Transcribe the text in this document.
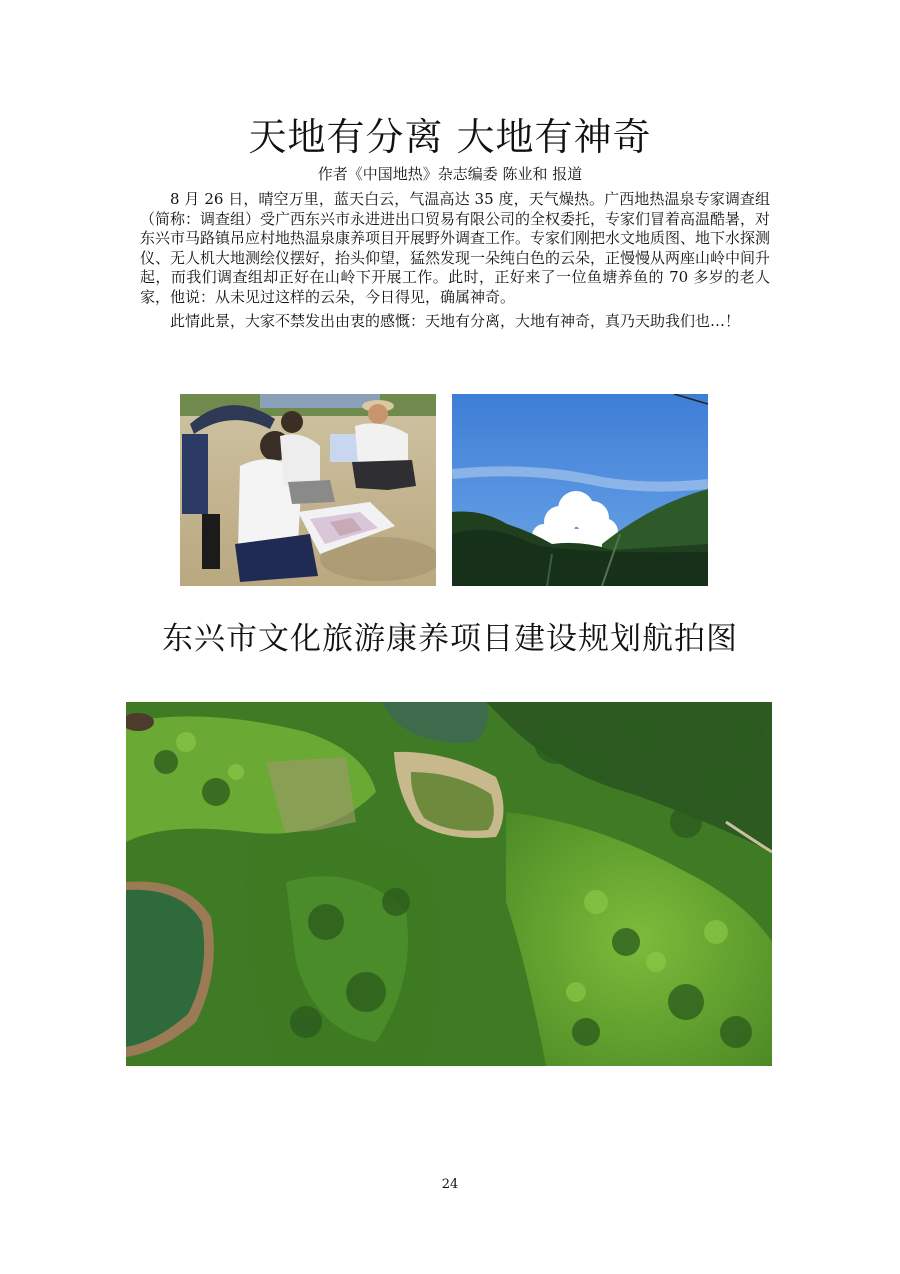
天地有分离 大地有神奇
作者《中国地热》杂志编委 陈业和 报道

8 月 26 日，晴空万里，蓝天白云，气温高达 35 度，天气燥热。广西地热温泉专家调查组（简称：调查组）受广西东兴市永进进出口贸易有限公司的全权委托，专家们冒着高温酷暑，对东兴市马路镇吊应村地热温泉康养项目开展野外调查工作。专家们刚把水文地质图、地下水探测仪、无人机大地测绘仪摆好，抬头仰望，猛然发现一朵纯白色的云朵，正慢慢从两座山岭中间升起，而我们调查组却正好在山岭下开展工作。此时，正好来了一位鱼塘养鱼的 70 多岁的老人家，他说：从未见过这样的云朵，今日得见，确属神奇。

此情此景，大家不禁发出由衷的感慨：天地有分离，大地有神奇，真乃天助我们也…！

东兴市文化旅游康养项目建设规划航拍图
24
